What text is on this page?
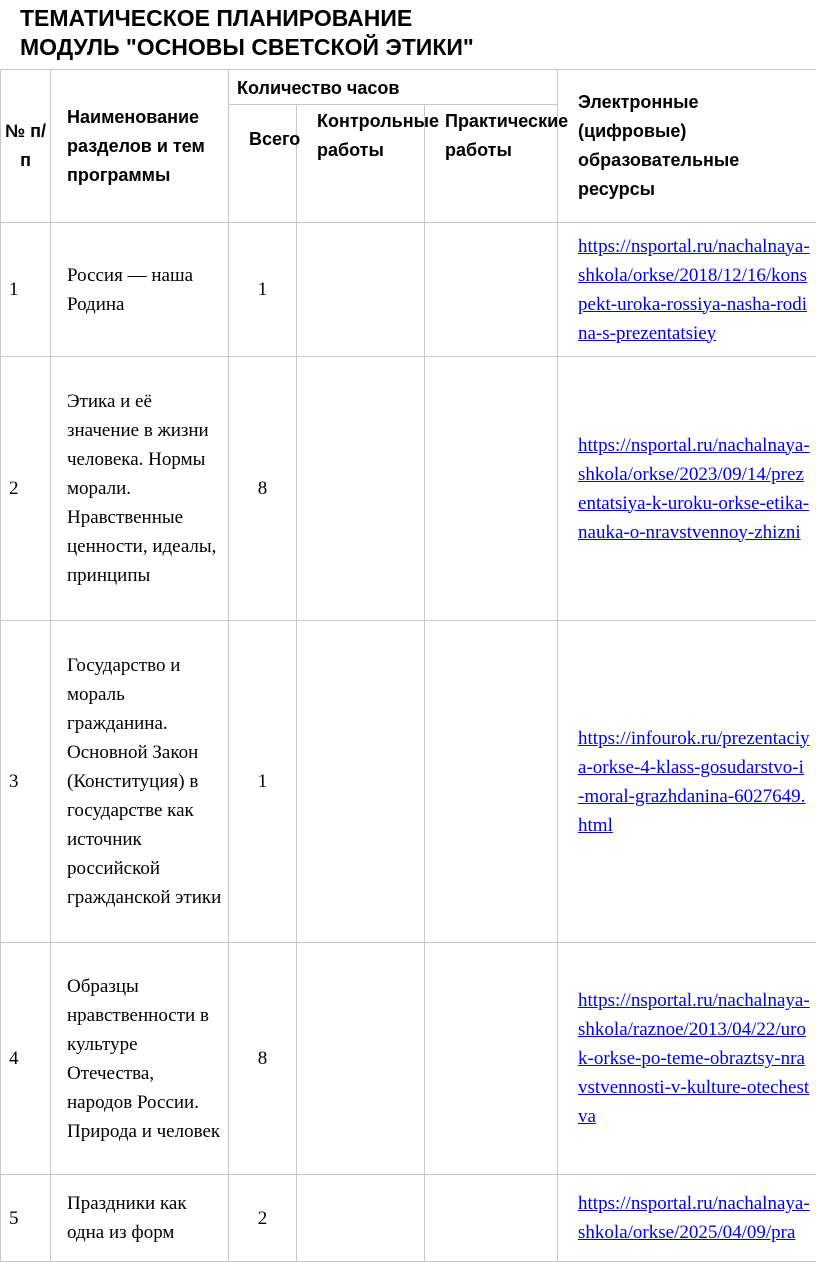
ТЕМАТИЧЕСКОЕ ПЛАНИРОВАНИЕ
МОДУЛЬ "ОСНОВЫ СВЕТСКОЙ ЭТИКИ"
№ п/п	Наименование разделов и тем программы	Количество часов			Электронные (цифровые) образовательные ресурсы
		Всего	Контрольные работы	Практические работы	
1	Россия — наша Родина	1			https://nsportal.ru/nachalnaya-shkola/orkse/2018/12/16/konspekt-uroka-rossiya-nasha-rodina-s-prezentatsiey
2	Этика и её значение в жизни человека. Нормы морали. Нравственные ценности, идеалы, принципы	8			https://nsportal.ru/nachalnaya-shkola/orkse/2023/09/14/prezentatsiya-k-uroku-orkse-etika-nauka-o-nravstvennoy-zhizni
3	Государство и мораль гражданина. Основной Закон (Конституция) в государстве как источник российской гражданской этики	1			https://infourok.ru/prezentaciya-orkse-4-klass-gosudarstvo-i-moral-grazhdanina-6027649.html
4	Образцы нравственности в культуре Отечества, народов России. Природа и человек	8			https://nsportal.ru/nachalnaya-shkola/raznoe/2013/04/22/urok-orkse-po-teme-obraztsy-nravstvennosti-v-kulture-otechestva
5	Праздники как одна из форм	2			https://nsportal.ru/nachalnaya-shkola/orkse/2025/04/09/pra
